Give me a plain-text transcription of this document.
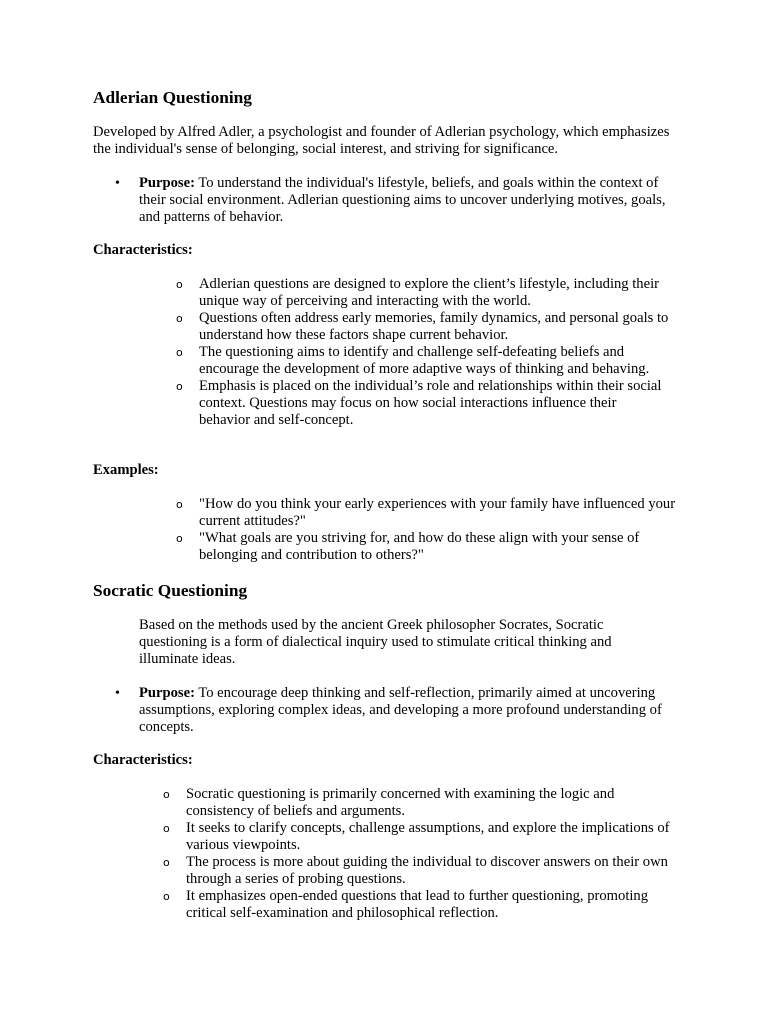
Adlerian Questioning

Developed by Alfred Adler, a psychologist and founder of Adlerian psychology, which emphasizes the individual's sense of belonging, social interest, and striving for significance.

• Purpose: To understand the individual's lifestyle, beliefs, and goals within the context of their social environment. Adlerian questioning aims to uncover underlying motives, goals, and patterns of behavior.

Characteristics:

o Adlerian questions are designed to explore the client’s lifestyle, including their unique way of perceiving and interacting with the world.
o Questions often address early memories, family dynamics, and personal goals to understand how these factors shape current behavior.
o The questioning aims to identify and challenge self-defeating beliefs and encourage the development of more adaptive ways of thinking and behaving.
o Emphasis is placed on the individual’s role and relationships within their social context. Questions may focus on how social interactions influence their behavior and self-concept.

Examples:

o "How do you think your early experiences with your family have influenced your current attitudes?"
o "What goals are you striving for, and how do these align with your sense of belonging and contribution to others?"
Socratic Questioning

Based on the methods used by the ancient Greek philosopher Socrates, Socratic questioning is a form of dialectical inquiry used to stimulate critical thinking and illuminate ideas.

• Purpose: To encourage deep thinking and self-reflection, primarily aimed at uncovering assumptions, exploring complex ideas, and developing a more profound understanding of concepts.

Characteristics:

o Socratic questioning is primarily concerned with examining the logic and consistency of beliefs and arguments.
o It seeks to clarify concepts, challenge assumptions, and explore the implications of various viewpoints.
o The process is more about guiding the individual to discover answers on their own through a series of probing questions.
o It emphasizes open-ended questions that lead to further questioning, promoting critical self-examination and philosophical reflection.
